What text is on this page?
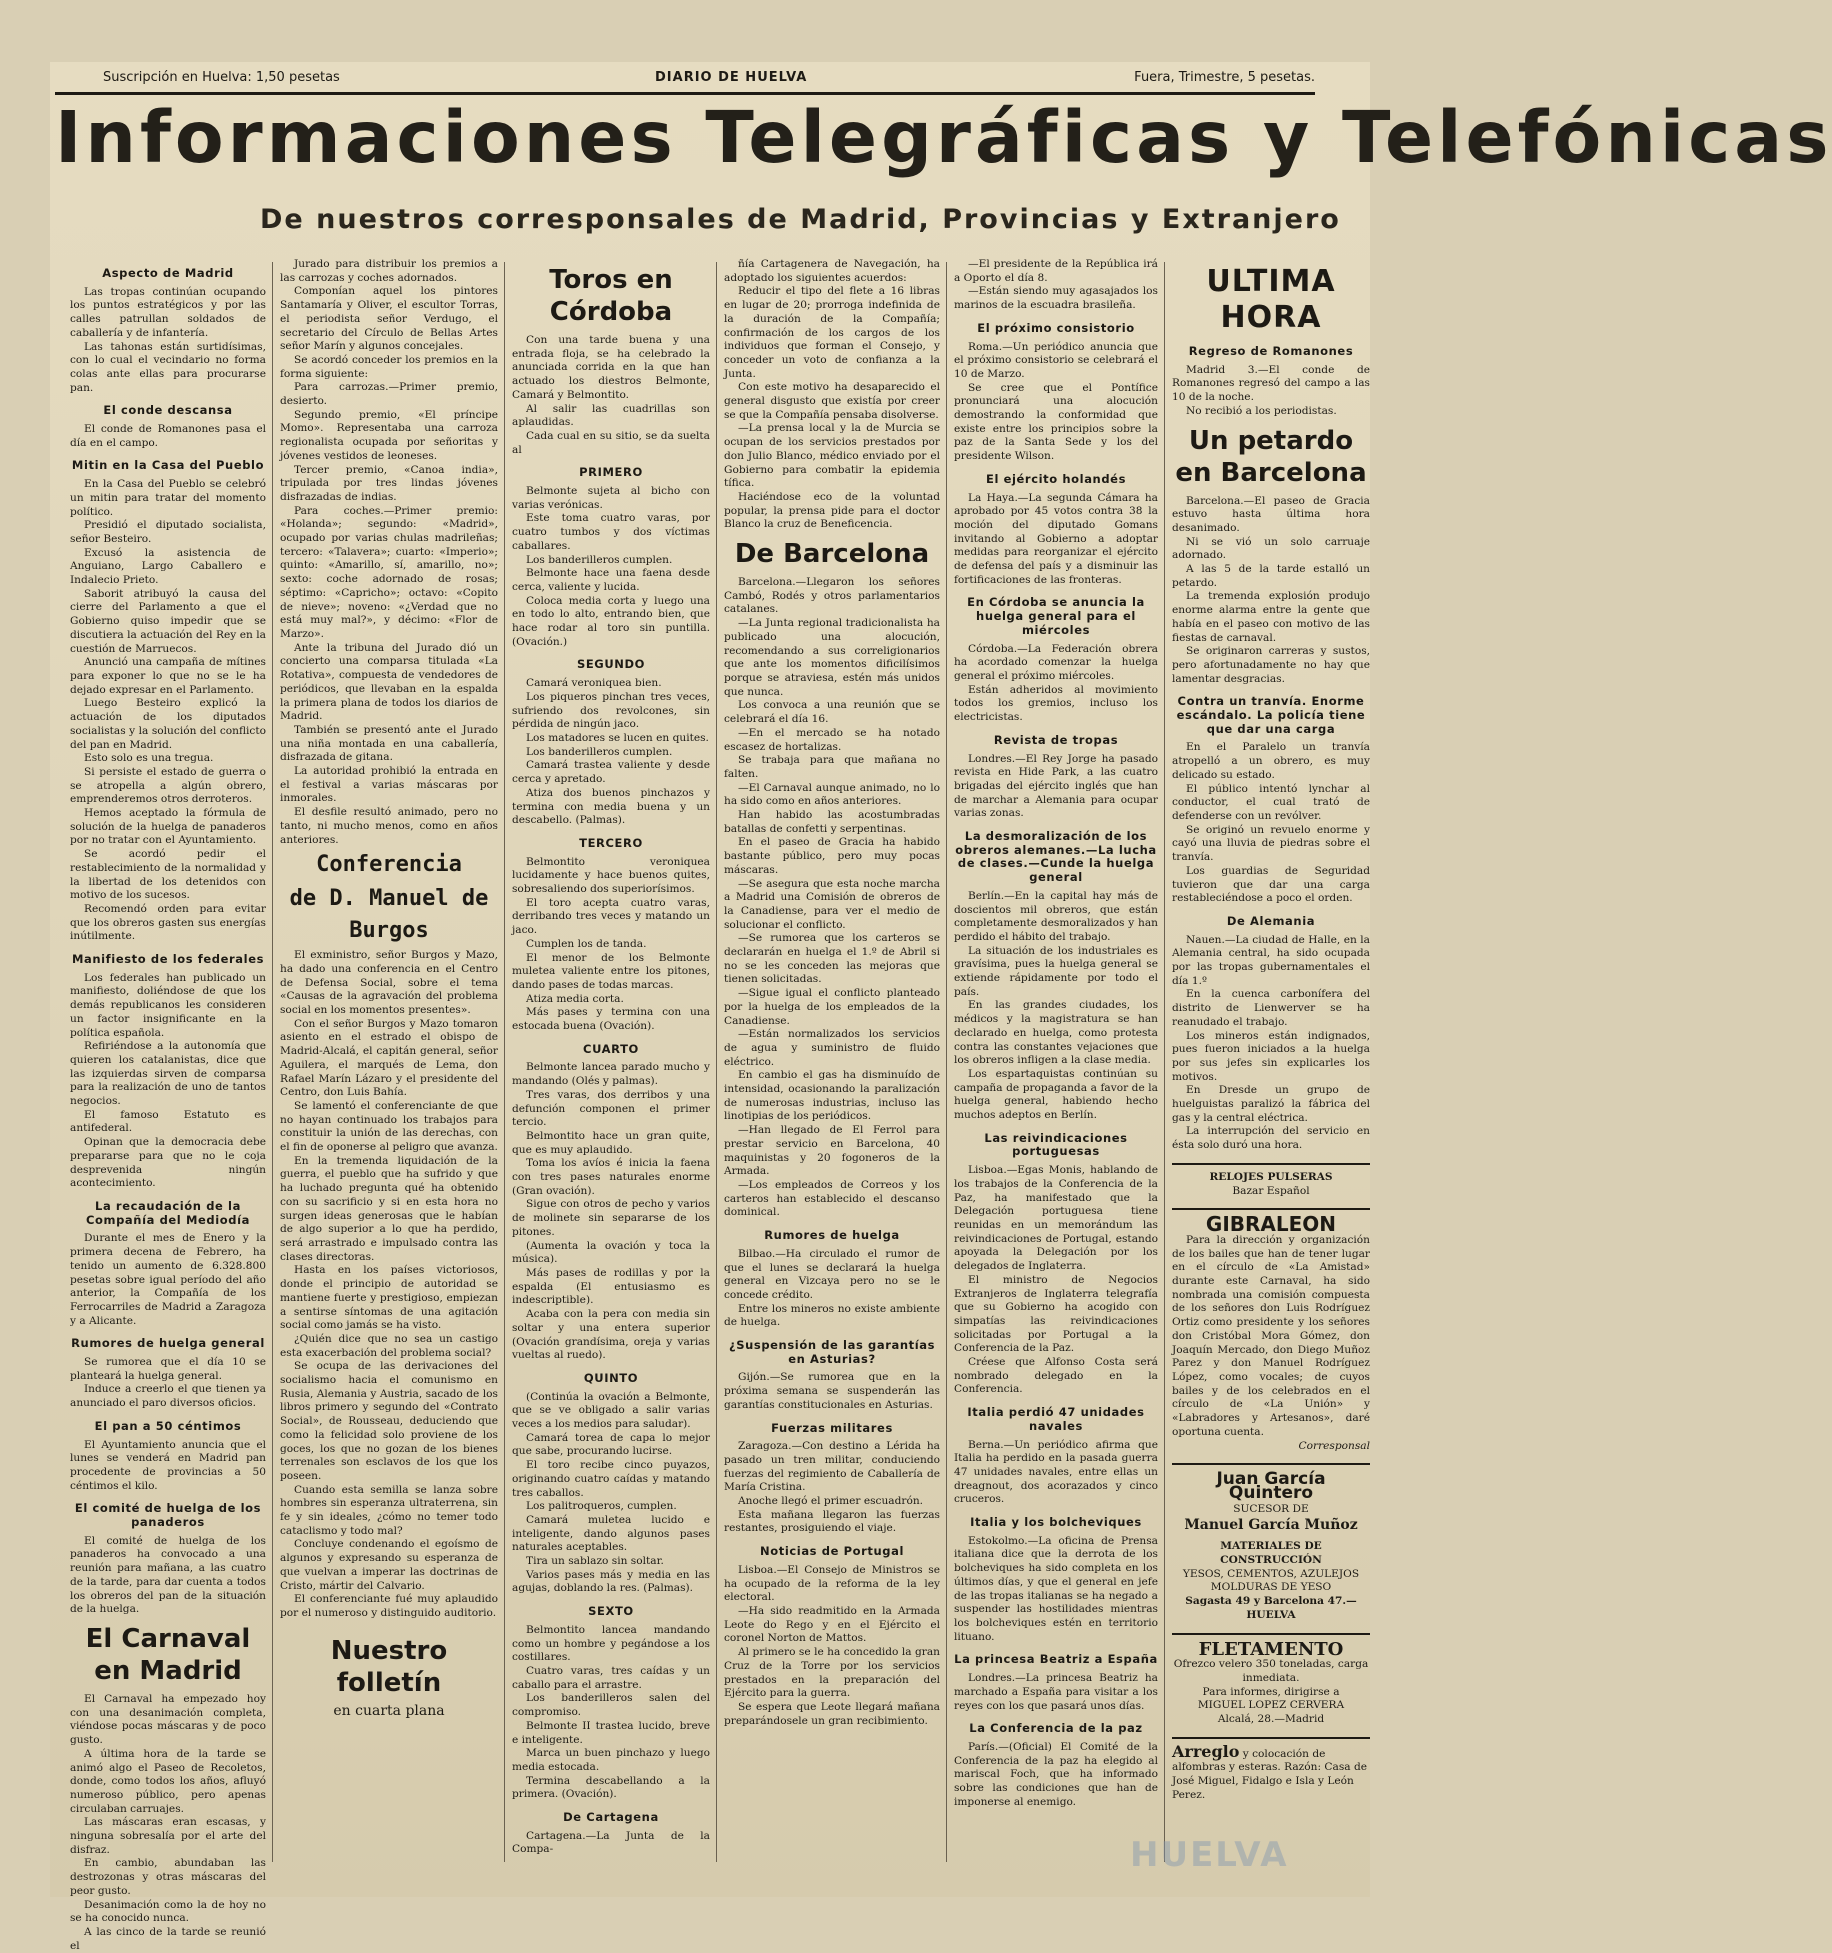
Suscripción en Huelva: 1,50 pesetas	DIARIO DE HUELVA	Fuera, Trimestre, 5 pesetas.
Informaciones Telegráficas y Telefónicas
De nuestros corresponsales de Madrid, Provincias y Extranjero
Aspecto de Madrid

Las tropas continúan ocupando los puntos estratégicos y por las calles patrullan soldados de caballería y de infantería.

Las tahonas están surtidísimas, con lo cual el vecindario no forma colas ante ellas para procurarse pan.

El conde descansa

El conde de Romanones pasa el día en el campo.

Mitin en la Casa del Pueblo

En la Casa del Pueblo se celebró un mitin para tratar del momento político.

Presidió el diputado socialista, señor Besteiro.

Excusó la asistencia de Anguiano, Largo Caballero e Indalecio Prieto.

Saborit atribuyó la causa del cierre del Parlamento a que el Gobierno quiso impedir que se discutiera la actuación del Rey en la cuestión de Marruecos.

Anunció una campaña de mítines para exponer lo que no se le ha dejado expresar en el Parlamento.

Luego Besteiro explicó la actuación de los diputados socialistas y la solución del conflicto del pan en Madrid.

Esto solo es una tregua.

Si persiste el estado de guerra o se atropella a algún obrero, emprenderemos otros derroteros.

Hemos aceptado la fórmula de solución de la huelga de panaderos por no tratar con el Ayuntamiento.

Se acordó pedir el restablecimiento de la normalidad y la libertad de los detenidos con motivo de los sucesos.

Recomendó orden para evitar que los obreros gasten sus energías inútilmente.

Manifiesto de los federales

Los federales han publicado un manifiesto, doliéndose de que los demás republicanos les consideren un factor insignificante en la política española.

Refiriéndose a la autonomía que quieren los catalanistas, dice que las izquierdas sirven de comparsa para la realización de uno de tantos negocios.

El famoso Estatuto es antifederal.

Opinan que la democracia debe prepararse para que no le coja desprevenida ningún acontecimiento.

La recaudación de la Compañía del Mediodía

Durante el mes de Enero y la primera decena de Febrero, ha tenido un aumento de 6.328.800 pesetas sobre igual período del año anterior, la Compañía de los Ferrocarriles de Madrid a Zaragoza y a Alicante.

Rumores de huelga general

Se rumorea que el día 10 se planteará la huelga general.

Induce a creerlo el que tienen ya anunciado el paro diversos oficios.

El pan a 50 céntimos

El Ayuntamiento anuncia que el lunes se venderá en Madrid pan procedente de provincias a 50 céntimos el kilo.

El comité de huelga de los panaderos

El comité de huelga de los panaderos ha convocado a una reunión para mañana, a las cuatro de la tarde, para dar cuenta a todos los obreros del pan de la situación de la huelga.

El Carnaval en Madrid

El Carnaval ha empezado hoy con una desanimación completa, viéndose pocas máscaras y de poco gusto.

A última hora de la tarde se animó algo el Paseo de Recoletos, donde, como todos los años, afluyó numeroso público, pero apenas circulaban carruajes.

Las máscaras eran escasas, y ninguna sobresalía por el arte del disfraz.

En cambio, abundaban las destrozonas y otras máscaras del peor gusto.

Desanimación como la de hoy no se ha conocido nunca.

A las cinco de la tarde se reunió el

Jurado para distribuir los premios a las carrozas y coches adornados.

Componían aquel los pintores Santamaría y Oliver, el escultor Torras, el periodista señor Verdugo, el secretario del Círculo de Bellas Artes señor Marín y algunos concejales.

Se acordó conceder los premios en la forma siguiente:

Para carrozas.—Primer premio, desierto.

Segundo premio, «El príncipe Momo». Representaba una carroza regionalista ocupada por señoritas y jóvenes vestidos de leoneses.

Tercer premio, «Canoa india», tripulada por tres lindas jóvenes disfrazadas de indias.

Para coches.—Primer premio: «Holanda»; segundo: «Madrid», ocupado por varias chulas madrileñas; tercero: «Talavera»; cuarto: «Imperio»; quinto: «Amarillo, sí, amarillo, no»; sexto: coche adornado de rosas; séptimo: «Capricho»; octavo: «Copito de nieve»; noveno: «¿Verdad que no está muy mal?», y décimo: «Flor de Marzo».

Ante la tribuna del Jurado dió un concierto una comparsa titulada «La Rotativa», compuesta de vendedores de periódicos, que llevaban en la espalda la primera plana de todos los diarios de Madrid.

También se presentó ante el Jurado una niña montada en una caballería, disfrazada de gitana.

La autoridad prohibió la entrada en el festival a varias máscaras por inmorales.

El desfile resultó animado, pero no tanto, ni mucho menos, como en años anteriores.

Conferencia
de D. Manuel de Burgos

El exministro, señor Burgos y Mazo, ha dado una conferencia en el Centro de Defensa Social, sobre el tema «Causas de la agravación del problema social en los momentos presentes».

Con el señor Burgos y Mazo tomaron asiento en el estrado el obispo de Madrid-Alcalá, el capitán general, señor Aguilera, el marqués de Lema, don Rafael Marín Lázaro y el presidente del Centro, don Luis Bahía.

Se lamentó el conferenciante de que no hayan continuado los trabajos para constituir la unión de las derechas, con el fin de oponerse al peligro que avanza.

En la tremenda liquidación de la guerra, el pueblo que ha sufrido y que ha luchado pregunta qué ha obtenido con su sacrificio y si en esta hora no surgen ideas generosas que le habían de algo superior a lo que ha perdido, será arrastrado e impulsado contra las clases directoras.

Hasta en los países victoriosos, donde el principio de autoridad se mantiene fuerte y prestigioso, empiezan a sentirse síntomas de una agitación social como jamás se ha visto.

¿Quién dice que no sea un castigo esta exacerbación del problema social?

Se ocupa de las derivaciones del socialismo hacia el comunismo en Rusia, Alemania y Austria, sacado de los libros primero y segundo del «Contrato Social», de Rousseau, deduciendo que como la felicidad solo proviene de los goces, los que no gozan de los bienes terrenales son esclavos de los que los poseen.

Cuando esta semilla se lanza sobre hombres sin esperanza ultraterrena, sin fe y sin ideales, ¿cómo no temer todo cataclismo y todo mal?

Concluye condenando el egoísmo de algunos y expresando su esperanza de que vuelvan a imperar las doctrinas de Cristo, mártir del Calvario.

El conferenciante fué muy aplaudido por el numeroso y distinguido auditorio.

Nuestro folletín

en cuarta plana

Toros en Córdoba

Con una tarde buena y una entrada floja, se ha celebrado la anunciada corrida en la que han actuado los diestros Belmonte, Camará y Belmontito.

Al salir las cuadrillas son aplaudidas.

Cada cual en su sitio, se da suelta al

PRIMERO

Belmonte sujeta al bicho con varias verónicas.

Este toma cuatro varas, por cuatro tumbos y dos víctimas caballares.

Los banderilleros cumplen.

Belmonte hace una faena desde cerca, valiente y lucida.

Coloca media corta y luego una en todo lo alto, entrando bien, que hace rodar al toro sin puntilla. (Ovación.)

SEGUNDO

Camará veroniquea bien.

Los piqueros pinchan tres veces, sufriendo dos revolcones, sin pérdida de ningún jaco.

Los matadores se lucen en quites.

Los banderilleros cumplen.

Camará trastea valiente y desde cerca y apretado.

Atiza dos buenos pinchazos y termina con media buena y un descabello. (Palmas).

TERCERO

Belmontito veroniquea lucidamente y hace buenos quites, sobresaliendo dos superiorísimos.

El toro acepta cuatro varas, derribando tres veces y matando un jaco.

Cumplen los de tanda.

El menor de los Belmonte muletea valiente entre los pitones, dando pases de todas marcas.

Atiza media corta.

Más pases y termina con una estocada buena (Ovación).

CUARTO

Belmonte lancea parado mucho y mandando (Olés y palmas).

Tres varas, dos derribos y una defunción componen el primer tercio.

Belmontito hace un gran quite, que es muy aplaudido.

Toma los avíos é inicia la faena con tres pases naturales enorme (Gran ovación).

Sigue con otros de pecho y varios de molinete sin separarse de los pitones.

(Aumenta la ovación y toca la música).

Más pases de rodillas y por la espalda (El entusiasmo es indescriptible).

Acaba con la pera con media sin soltar y una entera superior (Ovación grandísima, oreja y varias vueltas al ruedo).

QUINTO

(Continúa la ovación a Belmonte, que se ve obligado a salir varias veces a los medios para saludar).

Camará torea de capa lo mejor que sabe, procurando lucirse.

El toro recibe cinco puyazos, originando cuatro caídas y matando tres caballos.

Los palitroqueros, cumplen.

Camará muletea lucido e inteligente, dando algunos pases naturales aceptables.

Tira un sablazo sin soltar.

Varios pases más y media en las agujas, doblando la res. (Palmas).

SEXTO

Belmontito lancea mandando como un hombre y pegándose a los costillares.

Cuatro varas, tres caídas y un caballo para el arrastre.

Los banderilleros salen del compromiso.

Belmonte II trastea lucido, breve e inteligente.

Marca un buen pinchazo y luego media estocada.

Termina descabellando a la primera. (Ovación).

De Cartagena

Cartagena.—La Junta de la Compa-

ñía Cartagenera de Navegación, ha adoptado los siguientes acuerdos:

Reducir el tipo del flete a 16 libras en lugar de 20; prorroga indefinida de la duración de la Compañía; confirmación de los cargos de los individuos que forman el Consejo, y conceder un voto de confianza a la Junta.

Con este motivo ha desaparecido el general disgusto que existía por creer se que la Compañía pensaba disolverse.

—La prensa local y la de Murcia se ocupan de los servicios prestados por don Julio Blanco, médico enviado por el Gobierno para combatir la epidemia tífica.

Haciéndose eco de la voluntad popular, la prensa pide para el doctor Blanco la cruz de Beneficencia.

De Barcelona

Barcelona.—Llegaron los señores Cambó, Rodés y otros parlamentarios catalanes.

—La Junta regional tradicionalista ha publicado una alocución, recomendando a sus correligionarios que ante los momentos dificilísimos porque se atraviesa, estén más unidos que nunca.

Los convoca a una reunión que se celebrará el día 16.

—En el mercado se ha notado escasez de hortalizas.

Se trabaja para que mañana no falten.

—El Carnaval aunque animado, no lo ha sido como en años anteriores.

Han habido las acostumbradas batallas de confetti y serpentinas.

En el paseo de Gracia ha habido bastante público, pero muy pocas máscaras.

—Se asegura que esta noche marcha a Madrid una Comisión de obreros de la Canadiense, para ver el medio de solucionar el conflicto.

—Se rumorea que los carteros se declararán en huelga el 1.º de Abril si no se les conceden las mejoras que tienen solicitadas.

—Sigue igual el conflicto planteado por la huelga de los empleados de la Canadiense.

—Están normalizados los servicios de agua y suministro de fluido eléctrico.

En cambio el gas ha disminuído de intensidad, ocasionando la paralización de numerosas industrias, incluso las linotipias de los periódicos.

—Han llegado de El Ferrol para prestar servicio en Barcelona, 40 maquinistas y 20 fogoneros de la Armada.

—Los empleados de Correos y los carteros han establecido el descanso dominical.

Rumores de huelga

Bilbao.—Ha circulado el rumor de que el lunes se declarará la huelga general en Vizcaya pero no se le concede crédito.

Entre los mineros no existe ambiente de huelga.

¿Suspensión de las garantías en Asturias?

Gijón.—Se rumorea que en la próxima semana se suspenderán las garantías constitucionales en Asturias.

Fuerzas militares

Zaragoza.—Con destino a Lérida ha pasado un tren militar, conduciendo fuerzas del regimiento de Caballería de María Cristina.

Anoche llegó el primer escuadrón.

Esta mañana llegaron las fuerzas restantes, prosiguiendo el viaje.

Noticias de Portugal

Lisboa.—El Consejo de Ministros se ha ocupado de la reforma de la ley electoral.

—Ha sido readmitido en la Armada Leote do Rego y en el Ejército el coronel Norton de Mattos.

Al primero se le ha concedido la gran Cruz de la Torre por los servicios prestados en la preparación del Ejército para la guerra.

Se espera que Leote llegará mañana preparándosele un gran recibimiento.

—El presidente de la República irá a Oporto el día 8.

—Están siendo muy agasajados los marinos de la escuadra brasileña.

El próximo consistorio

Roma.—Un periódico anuncia que el próximo consistorio se celebrará el 10 de Marzo.

Se cree que el Pontífice pronunciará una alocución demostrando la conformidad que existe entre los principios sobre la paz de la Santa Sede y los del presidente Wilson.

El ejército holandés

La Haya.—La segunda Cámara ha aprobado por 45 votos contra 38 la moción del diputado Gomans invitando al Gobierno a adoptar medidas para reorganizar el ejército de defensa del país y a disminuir las fortificaciones de las fronteras.

En Córdoba se anuncia la huelga general para el miércoles

Córdoba.—La Federación obrera ha acordado comenzar la huelga general el próximo miércoles.

Están adheridos al movimiento todos los gremios, incluso los electricistas.

Revista de tropas

Londres.—El Rey Jorge ha pasado revista en Hide Park, a las cuatro brigadas del ejército inglés que han de marchar a Alemania para ocupar varias zonas.

La desmoralización de los obreros alemanes.—La lucha de clases.—Cunde la huelga general

Berlín.—En la capital hay más de doscientos mil obreros, que están completamente desmoralizados y han perdido el hábito del trabajo.

La situación de los industriales es gravísima, pues la huelga general se extiende rápidamente por todo el país.

En las grandes ciudades, los médicos y la magistratura se han declarado en huelga, como protesta contra las constantes vejaciones que los obreros infligen a la clase media.

Los espartaquistas continúan su campaña de propaganda a favor de la huelga general, habiendo hecho muchos adeptos en Berlín.

Las reivindicaciones portuguesas

Lisboa.—Egas Monis, hablando de los trabajos de la Conferencia de la Paz, ha manifestado que la Delegación portuguesa tiene reunidas en un memorándum las reivindicaciones de Portugal, estando apoyada la Delegación por los delegados de Inglaterra.

El ministro de Negocios Extranjeros de Inglaterra telegrafía que su Gobierno ha acogido con simpatías las reivindicaciones solicitadas por Portugal a la Conferencia de la Paz.

Créese que Alfonso Costa será nombrado delegado en la Conferencia.

Italia perdió 47 unidades navales

Berna.—Un periódico afirma que Italia ha perdido en la pasada guerra 47 unidades navales, entre ellas un dreagnout, dos acorazados y cinco cruceros.

Italia y los bolcheviques

Estokolmo.—La oficina de Prensa italiana dice que la derrota de los bolcheviques ha sido completa en los últimos días, y que el general en jefe de las tropas italianas se ha negado a suspender las hostilidades mientras los bolcheviques estén en territorio lituano.

La princesa Beatriz a España

Londres.—La princesa Beatriz ha marchado a España para visitar a los reyes con los que pasará unos días.

La Conferencia de la paz

París.—(Oficial) El Comité de la Conferencia de la paz ha elegido al mariscal Foch, que ha informado sobre las condiciones que han de imponerse al enemigo.

ULTIMA HORA
Regreso de Romanones

Madrid 3.—El conde de Romanones regresó del campo a las 10 de la noche.

No recibió a los periodistas.

Un petardo en Barcelona

Barcelona.—El paseo de Gracia estuvo hasta última hora desanimado.

Ni se vió un solo carruaje adornado.

A las 5 de la tarde estalló un petardo.

La tremenda explosión produjo enorme alarma entre la gente que había en el paseo con motivo de las fiestas de carnaval.

Se originaron carreras y sustos, pero afortunadamente no hay que lamentar desgracias.

Contra un tranvía. Enorme escándalo. La policía tiene que dar una carga

En el Paralelo un tranvía atropelló a un obrero, es muy delicado su estado.

El público intentó lynchar al conductor, el cual trató de defenderse con un revólver.

Se originó un revuelo enorme y cayó una lluvia de piedras sobre el tranvía.

Los guardias de Seguridad tuvieron que dar una carga restableciéndose a poco el orden.

De Alemania

Nauen.—La ciudad de Halle, en la Alemania central, ha sido ocupada por las tropas gubernamentales el día 1.º

En la cuenca carbonífera del distrito de Lienwerver se ha reanudado el trabajo.

Los mineros están indignados, pues fueron iniciados a la huelga por sus jefes sin explicarles los motivos.

En Dresde un grupo de huelguistas paralizó la fábrica del gas y la central eléctrica.

La interrupción del servicio en ésta solo duró una hora.

RELOJES PULSERAS

Bazar Español

GIBRALEON

Para la dirección y organización de los bailes que han de tener lugar en el círculo de «La Amistad» durante este Carnaval, ha sido nombrada una comisión compuesta de los señores don Luis Rodríguez Ortiz como presidente y los señores don Cristóbal Mora Gómez, don Joaquín Mercado, don Diego Muñoz Parez y don Manuel Rodríguez López, como vocales; de cuyos bailes y de los celebrados en el círculo de «La Unión» y «Labradores y Artesanos», daré oportuna cuenta.

Corresponsal

Juan García Quintero

SUCESOR DE

Manuel García Muñoz

MATERIALES DE CONSTRUCCIÓN

YESOS, CEMENTOS, AZULEJOS

MOLDURAS DE YESO

Sagasta 49 y Barcelona 47.—HUELVA

FLETAMENTO

Ofrezco velero 350 toneladas, carga inmediata.

Para informes, dirigirse a

MIGUEL LOPEZ CERVERA

Alcalá, 28.—Madrid

Arreglo y colocación de alfombras y esteras. Razón: Casa de José Miguel, Fidalgo e Isla y León Perez.

HUELVA
